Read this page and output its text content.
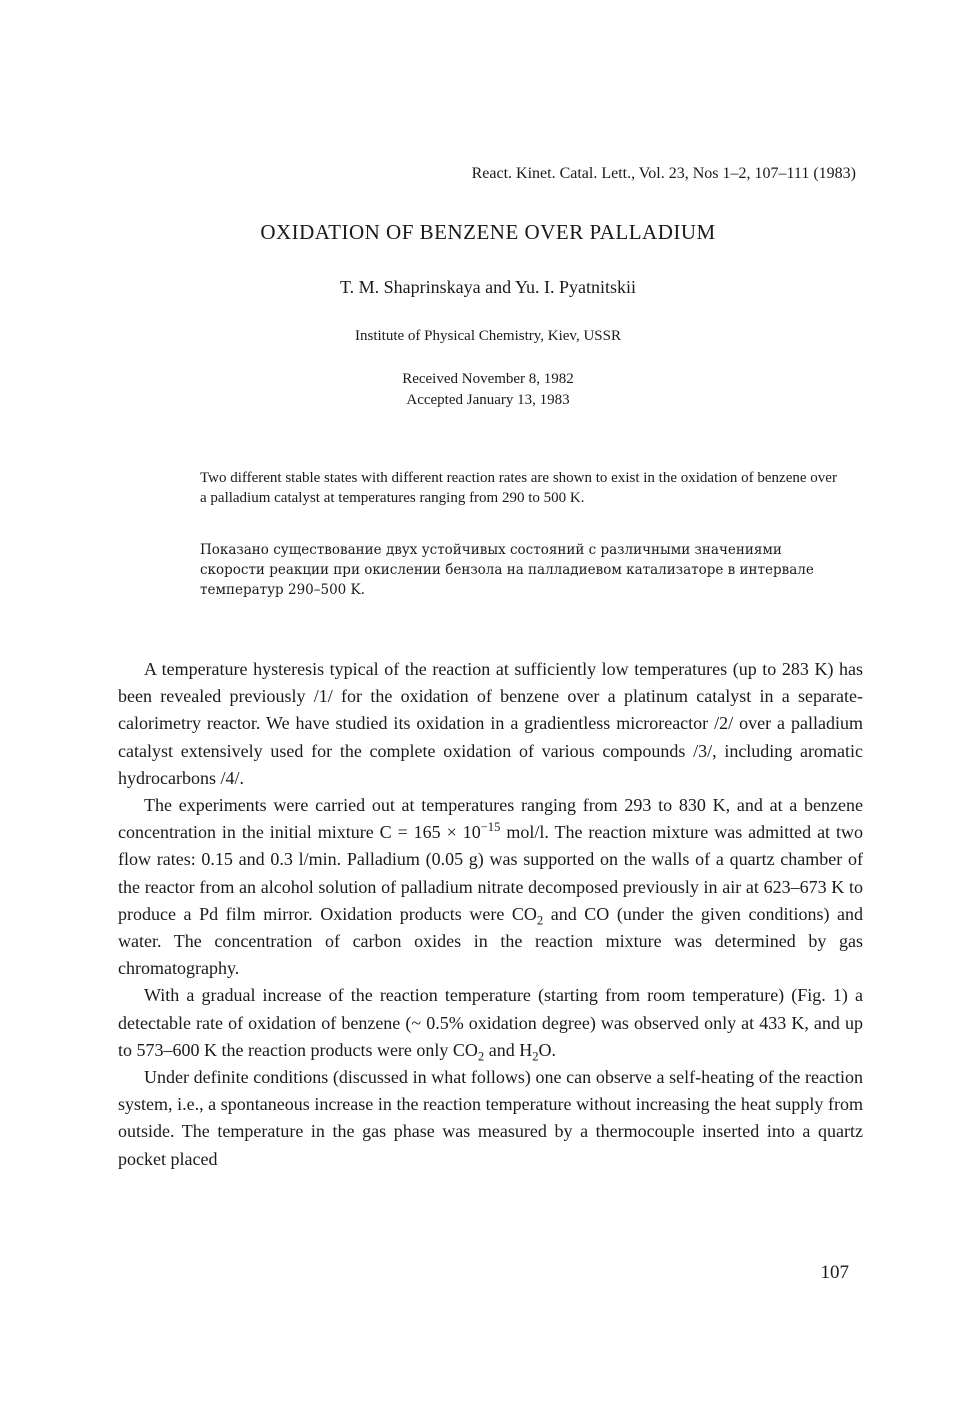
React. Kinet. Catal. Lett., Vol. 23, Nos 1–2, 107–111 (1983)
OXIDATION OF BENZENE OVER PALLADIUM
T. M. Shaprinskaya and Yu. I. Pyatnitskii
Institute of Physical Chemistry, Kiev, USSR
Received November 8, 1982
Accepted January 13, 1983
Two different stable states with different reaction rates are shown to exist in the oxidation of benzene over a palladium catalyst at temperatures ranging from 290 to 500 K.
Показано существование двух устойчивых состояний с различными значениями скорости реакции при окислении бензола на палладиевом катализаторе в интервале температур 290–500 K.

A temperature hysteresis typical of the reaction at sufficiently low temperatures (up to 283 K) has been revealed previously /1/ for the oxidation of benzene over a platinum catalyst in a separate-calorimetry reactor. We have studied its oxidation in a gradientless microreactor /2/ over a palladium catalyst extensively used for the complete oxidation of various compounds /3/, including aromatic hydrocarbons /4/.

The experiments were carried out at temperatures ranging from 293 to 830 K, and at a benzene concentration in the initial mixture $C = 165 \times 10^{-15}$ mol/l. The reaction mixture was admitted at two flow rates: 0.15 and 0.3 l/min. Palladium (0.05 g) was supported on the walls of a quartz chamber of the reactor from an alcohol solution of palladium nitrate decomposed previously in air at 623–673 K to produce a Pd film mirror. Oxidation products were $CO_2$ and CO (under the given conditions) and water. The concentration of carbon oxides in the reaction mixture was determined by gas chromatography.

With a gradual increase of the reaction temperature (starting from room temperature) (Fig. 1) a detectable rate of oxidation of benzene (~ 0.5% oxidation degree) was observed only at 433 K, and up to 573–600 K the reaction products were only $CO_2$ and $H_2O$.

Under definite conditions (discussed in what follows) one can observe a self-heating of the reaction system, i.e., a spontaneous increase in the reaction temperature without increasing the heat supply from outside. The temperature in the gas phase was measured by a thermocouple inserted into a quartz pocket placed

107
